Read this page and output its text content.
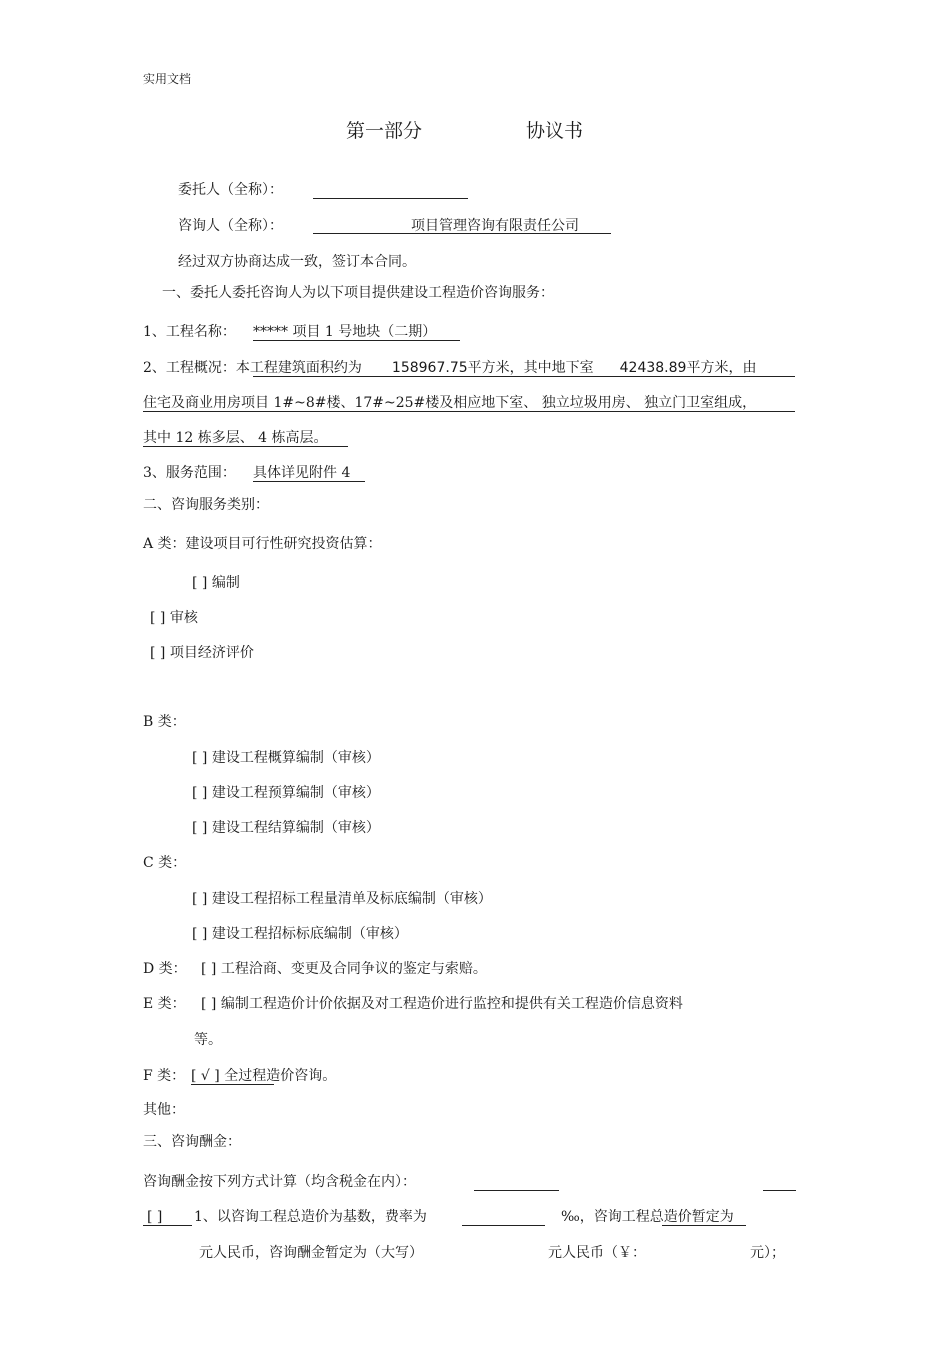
实用文档
第一部分	协议书
委托人（全称）：
咨询人（全称）：	项目管理咨询有限责任公司
经过双方协商达成一致，签订本合同。
一、委托人委托咨询人为以下项目提供建设工程造价咨询服务：
1、工程名称： ***** 项目 1 号地块（二期）
2、工程概况：本工程建筑面积约为 158967.75平方米，其中地下室 42438.89平方米，由
住宅及商业用房项目 1#~8#楼、17#~25#楼及相应地下室、 独立垃圾用房、 独立门卫室组成，
其中 12 栋多层、 4 栋高层。
3、服务范围： 具体详见附件 4
二、咨询服务类别：
A 类：建设项目可行性研究投资估算：
[ ] 编制
[ ] 审核
[ ] 项目经济评价
B 类：
[ ] 建设工程概算编制（审核）
[ ] 建设工程预算编制（审核）
[ ] 建设工程结算编制（审核）
C 类：
[ ] 建设工程招标工程量清单及标底编制（审核）
[ ] 建设工程招标标底编制（审核）
D 类： [ ] 工程洽商、变更及合同争议的鉴定与索赔。
E 类： [ ] 编制工程造价计价依据及对工程造价进行监控和提供有关工程造价信息资料
等。
F 类： [ √ ] 全过程造价咨询。
其他：
三、咨询酬金：
咨询酬金按下列方式计算（均含税金在内）：
[ ] 1、以咨询工程总造价为基数，费率为	‰，咨询工程总造价暂定为
元人民币，咨询酬金暂定为（大写）	元人民币（￥：	元）；
